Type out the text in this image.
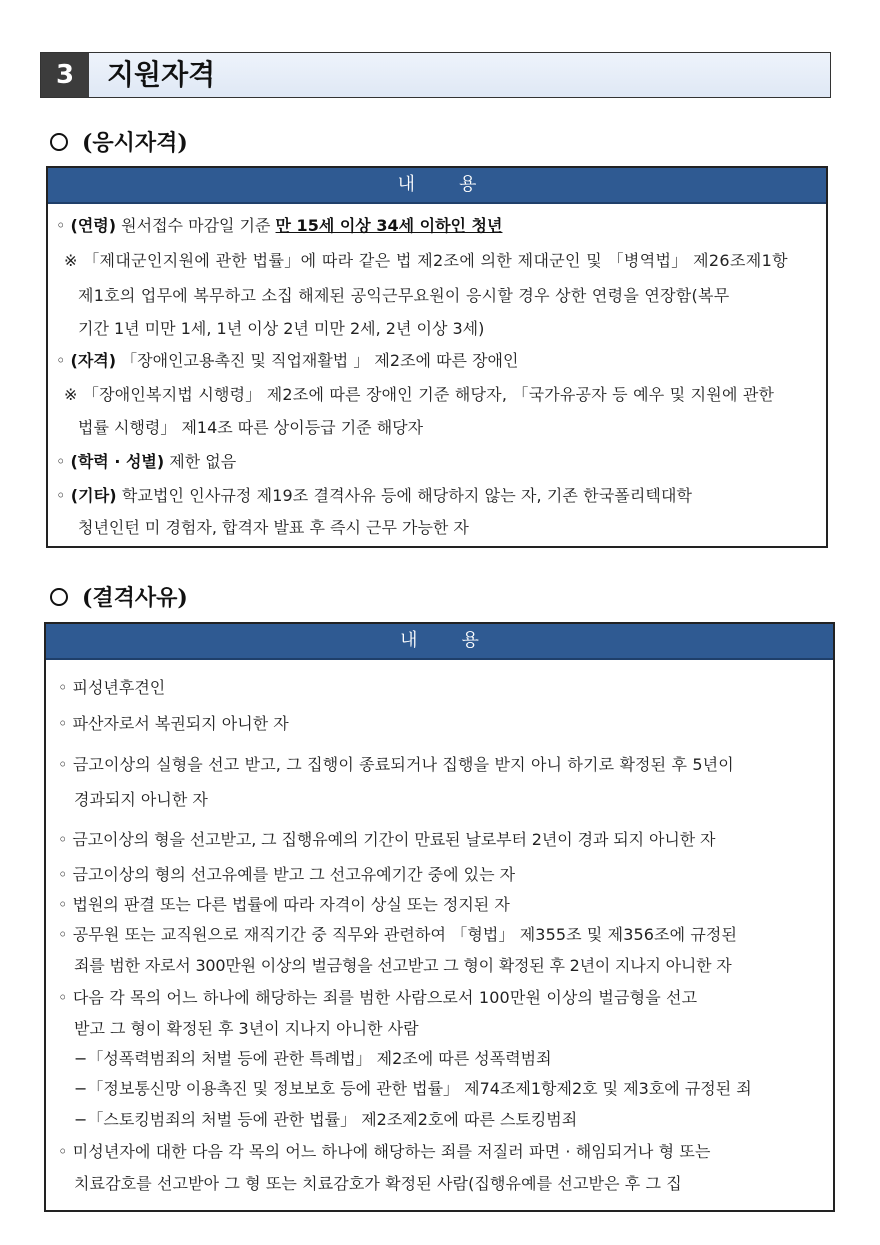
3	지원자격
(응시자격)
내 용
◦ (연령) 원서접수 마감일 기준 만 15세 이상 34세 이하인 청년
※ 「제대군인지원에 관한 법률」에 따라 같은 법 제2조에 의한 제대군인 및 「병역법」 제26조제1항
제1호의 업무에 복무하고 소집 해제된 공익근무요원이 응시할 경우 상한 연령을 연장함(복무
기간 1년 미만 1세, 1년 이상 2년 미만 2세, 2년 이상 3세)
◦ (자격) 「장애인고용촉진 및 직업재활법 」 제2조에 따른 장애인
※ 「장애인복지법 시행령」 제2조에 따른 장애인 기준 해당자, 「국가유공자 등 예우 및 지원에 관한
법률 시행령」 제14조 따른 상이등급 기준 해당자
◦ (학력 · 성별) 제한 없음
◦ (기타) 학교법인 인사규정 제19조 결격사유 등에 해당하지 않는 자, 기존 한국폴리텍대학
청년인턴 미 경험자, 합격자 발표 후 즉시 근무 가능한 자
(결격사유)
내 용
◦ 피성년후견인
◦ 파산자로서 복권되지 아니한 자
◦ 금고이상의 실형을 선고 받고, 그 집행이 종료되거나 집행을 받지 아니 하기로 확정된 후 5년이
경과되지 아니한 자
◦ 금고이상의 형을 선고받고, 그 집행유예의 기간이 만료된 날로부터 2년이 경과 되지 아니한 자
◦ 금고이상의 형의 선고유예를 받고 그 선고유예기간 중에 있는 자
◦ 법원의 판결 또는 다른 법률에 따라 자격이 상실 또는 정지된 자
◦ 공무원 또는 교직원으로 재직기간 중 직무와 관련하여 「형법」 제355조 및 제356조에 규정된
죄를 범한 자로서 300만원 이상의 벌금형을 선고받고 그 형이 확정된 후 2년이 지나지 아니한 자
◦ 다음 각 목의 어느 하나에 해당하는 죄를 범한 사람으로서 100만원 이상의 벌금형을 선고
받고 그 형이 확정된 후 3년이 지나지 아니한 사람
−「성폭력범죄의 처벌 등에 관한 특례법」 제2조에 따른 성폭력범죄
−「정보통신망 이용촉진 및 정보보호 등에 관한 법률」 제74조제1항제2호 및 제3호에 규정된 죄
−「스토킹범죄의 처벌 등에 관한 법률」 제2조제2호에 따른 스토킹범죄
◦ 미성년자에 대한 다음 각 목의 어느 하나에 해당하는 죄를 저질러 파면 · 해임되거나 형 또는
치료감호를 선고받아 그 형 또는 치료감호가 확정된 사람(집행유예를 선고받은 후 그 집
